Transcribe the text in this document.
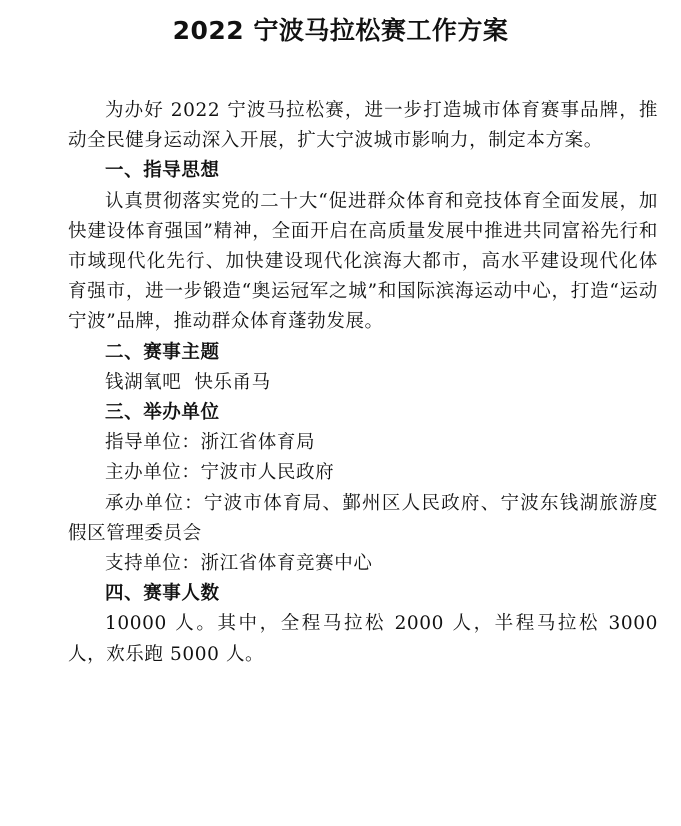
2022 宁波马拉松赛工作方案

为办好 2022 宁波马拉松赛，进一步打造城市体育赛事品牌，推动全民健身运动深入开展，扩大宁波城市影响力，制定本方案。

一、指导思想

认真贯彻落实党的二十大“促进群众体育和竞技体育全面发展，加快建设体育强国”精神，全面开启在高质量发展中推进共同富裕先行和市域现代化先行、加快建设现代化滨海大都市，高水平建设现代化体育强市，进一步锻造“奥运冠军之城”和国际滨海运动中心，打造“运动宁波”品牌，推动群众体育蓬勃发展。

二、赛事主题

钱湖氧吧  快乐甬马

三、举办单位

指导单位：浙江省体育局

主办单位：宁波市人民政府

承办单位：宁波市体育局、鄞州区人民政府、宁波东钱湖旅游度假区管理委员会

支持单位：浙江省体育竞赛中心

四、赛事人数

10000 人。其中，全程马拉松 2000 人，半程马拉松 3000 人，欢乐跑 5000 人。
